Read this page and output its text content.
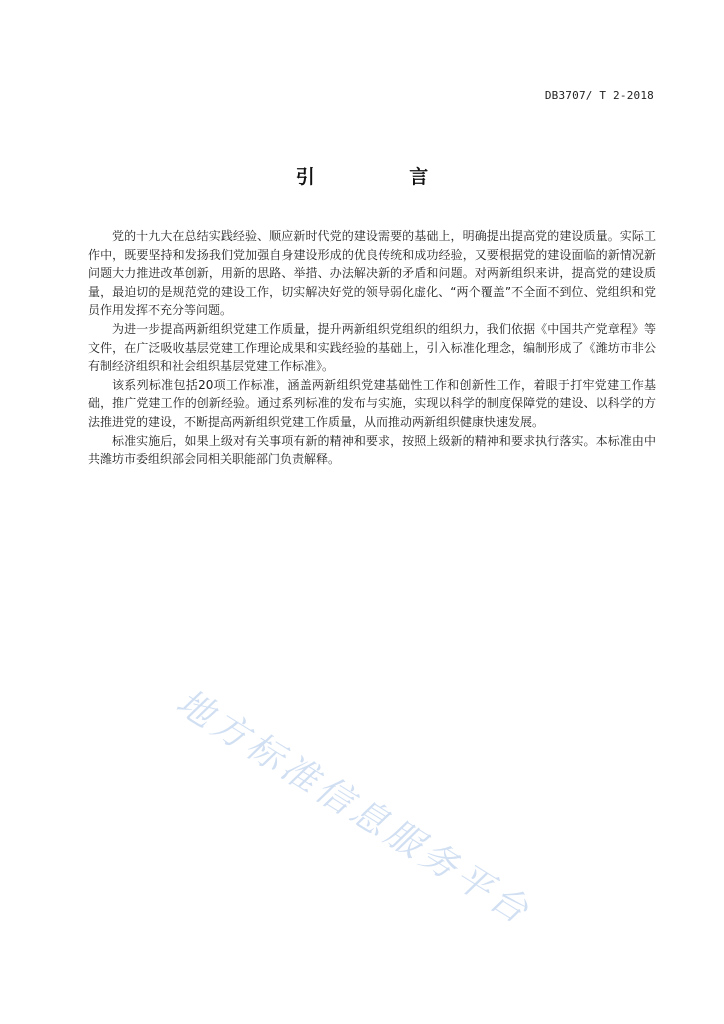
DB3707/ T 2-2018
引 言

党的十九大在总结实践经验、顺应新时代党的建设需要的基础上，明确提出提高党的建设质量。实际工作中，既要坚持和发扬我们党加强自身建设形成的优良传统和成功经验，又要根据党的建设面临的新情况新问题大力推进改革创新，用新的思路、举措、办法解决新的矛盾和问题。对两新组织来讲，提高党的建设质量，最迫切的是规范党的建设工作，切实解决好党的领导弱化虚化、“两个覆盖”不全面不到位、党组织和党员作用发挥不充分等问题。

为进一步提高两新组织党建工作质量，提升两新组织党组织的组织力，我们依据《中国共产党章程》等文件，在广泛吸收基层党建工作理论成果和实践经验的基础上，引入标准化理念，编制形成了《潍坊市非公有制经济组织和社会组织基层党建工作标准》。

该系列标准包括20项工作标准，涵盖两新组织党建基础性工作和创新性工作，着眼于打牢党建工作基础，推广党建工作的创新经验。通过系列标准的发布与实施，实现以科学的制度保障党的建设、以科学的方法推进党的建设，不断提高两新组织党建工作质量，从而推动两新组织健康快速发展。

标准实施后，如果上级对有关事项有新的精神和要求，按照上级新的精神和要求执行落实。本标准由中共潍坊市委组织部会同相关职能部门负责解释。

地方标准信息服务平台
